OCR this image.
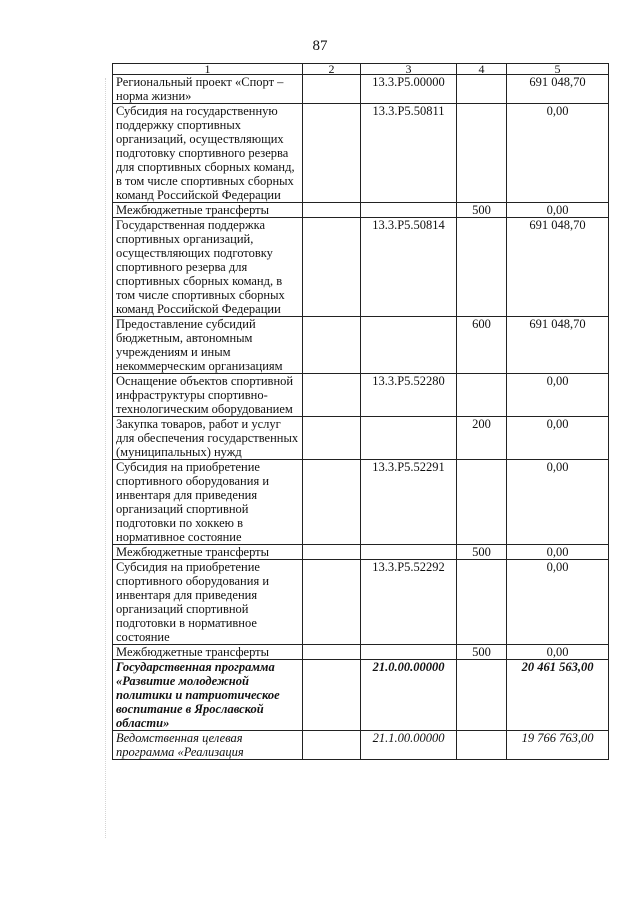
87
1	2	3	4	5
Региональный проект «Спорт – норма жизни»		13.3.Р5.00000		691 048,70
Субсидия на государственную поддержку спортивных организаций, осуществляющих подготовку спортивного резерва для спортивных сборных команд, в том числе спортивных сборных команд Российской Федерации		13.3.Р5.50811		0,00
Межбюджетные трансферты			500	0,00
Государственная поддержка спортивных организаций, осуществляющих подготовку спортивного резерва для спортивных сборных команд, в том числе спортивных сборных команд Российской Федерации		13.3.Р5.50814		691 048,70
Предоставление субсидий бюджетным, автономным учреждениям и иным некоммерческим организациям			600	691 048,70
Оснащение объектов спортивной инфраструктуры спортивно-технологическим оборудованием		13.3.Р5.52280		0,00
Закупка товаров, работ и услуг для обеспечения государственных (муниципальных) нужд			200	0,00
Субсидия на приобретение спортивного оборудования и инвентаря для приведения организаций спортивной подготовки по хоккею в нормативное состояние		13.3.Р5.52291		0,00
Межбюджетные трансферты			500	0,00
Субсидия на приобретение спортивного оборудования и инвентаря для приведения организаций спортивной подготовки в нормативное состояние		13.3.Р5.52292		0,00
Межбюджетные трансферты			500	0,00
Государственная программа «Развитие молодежной политики и патриотическое воспитание в Ярославской области»		21.0.00.00000		20 461 563,00
Ведомственная целевая программа «Реализация		21.1.00.00000		19 766 763,00
